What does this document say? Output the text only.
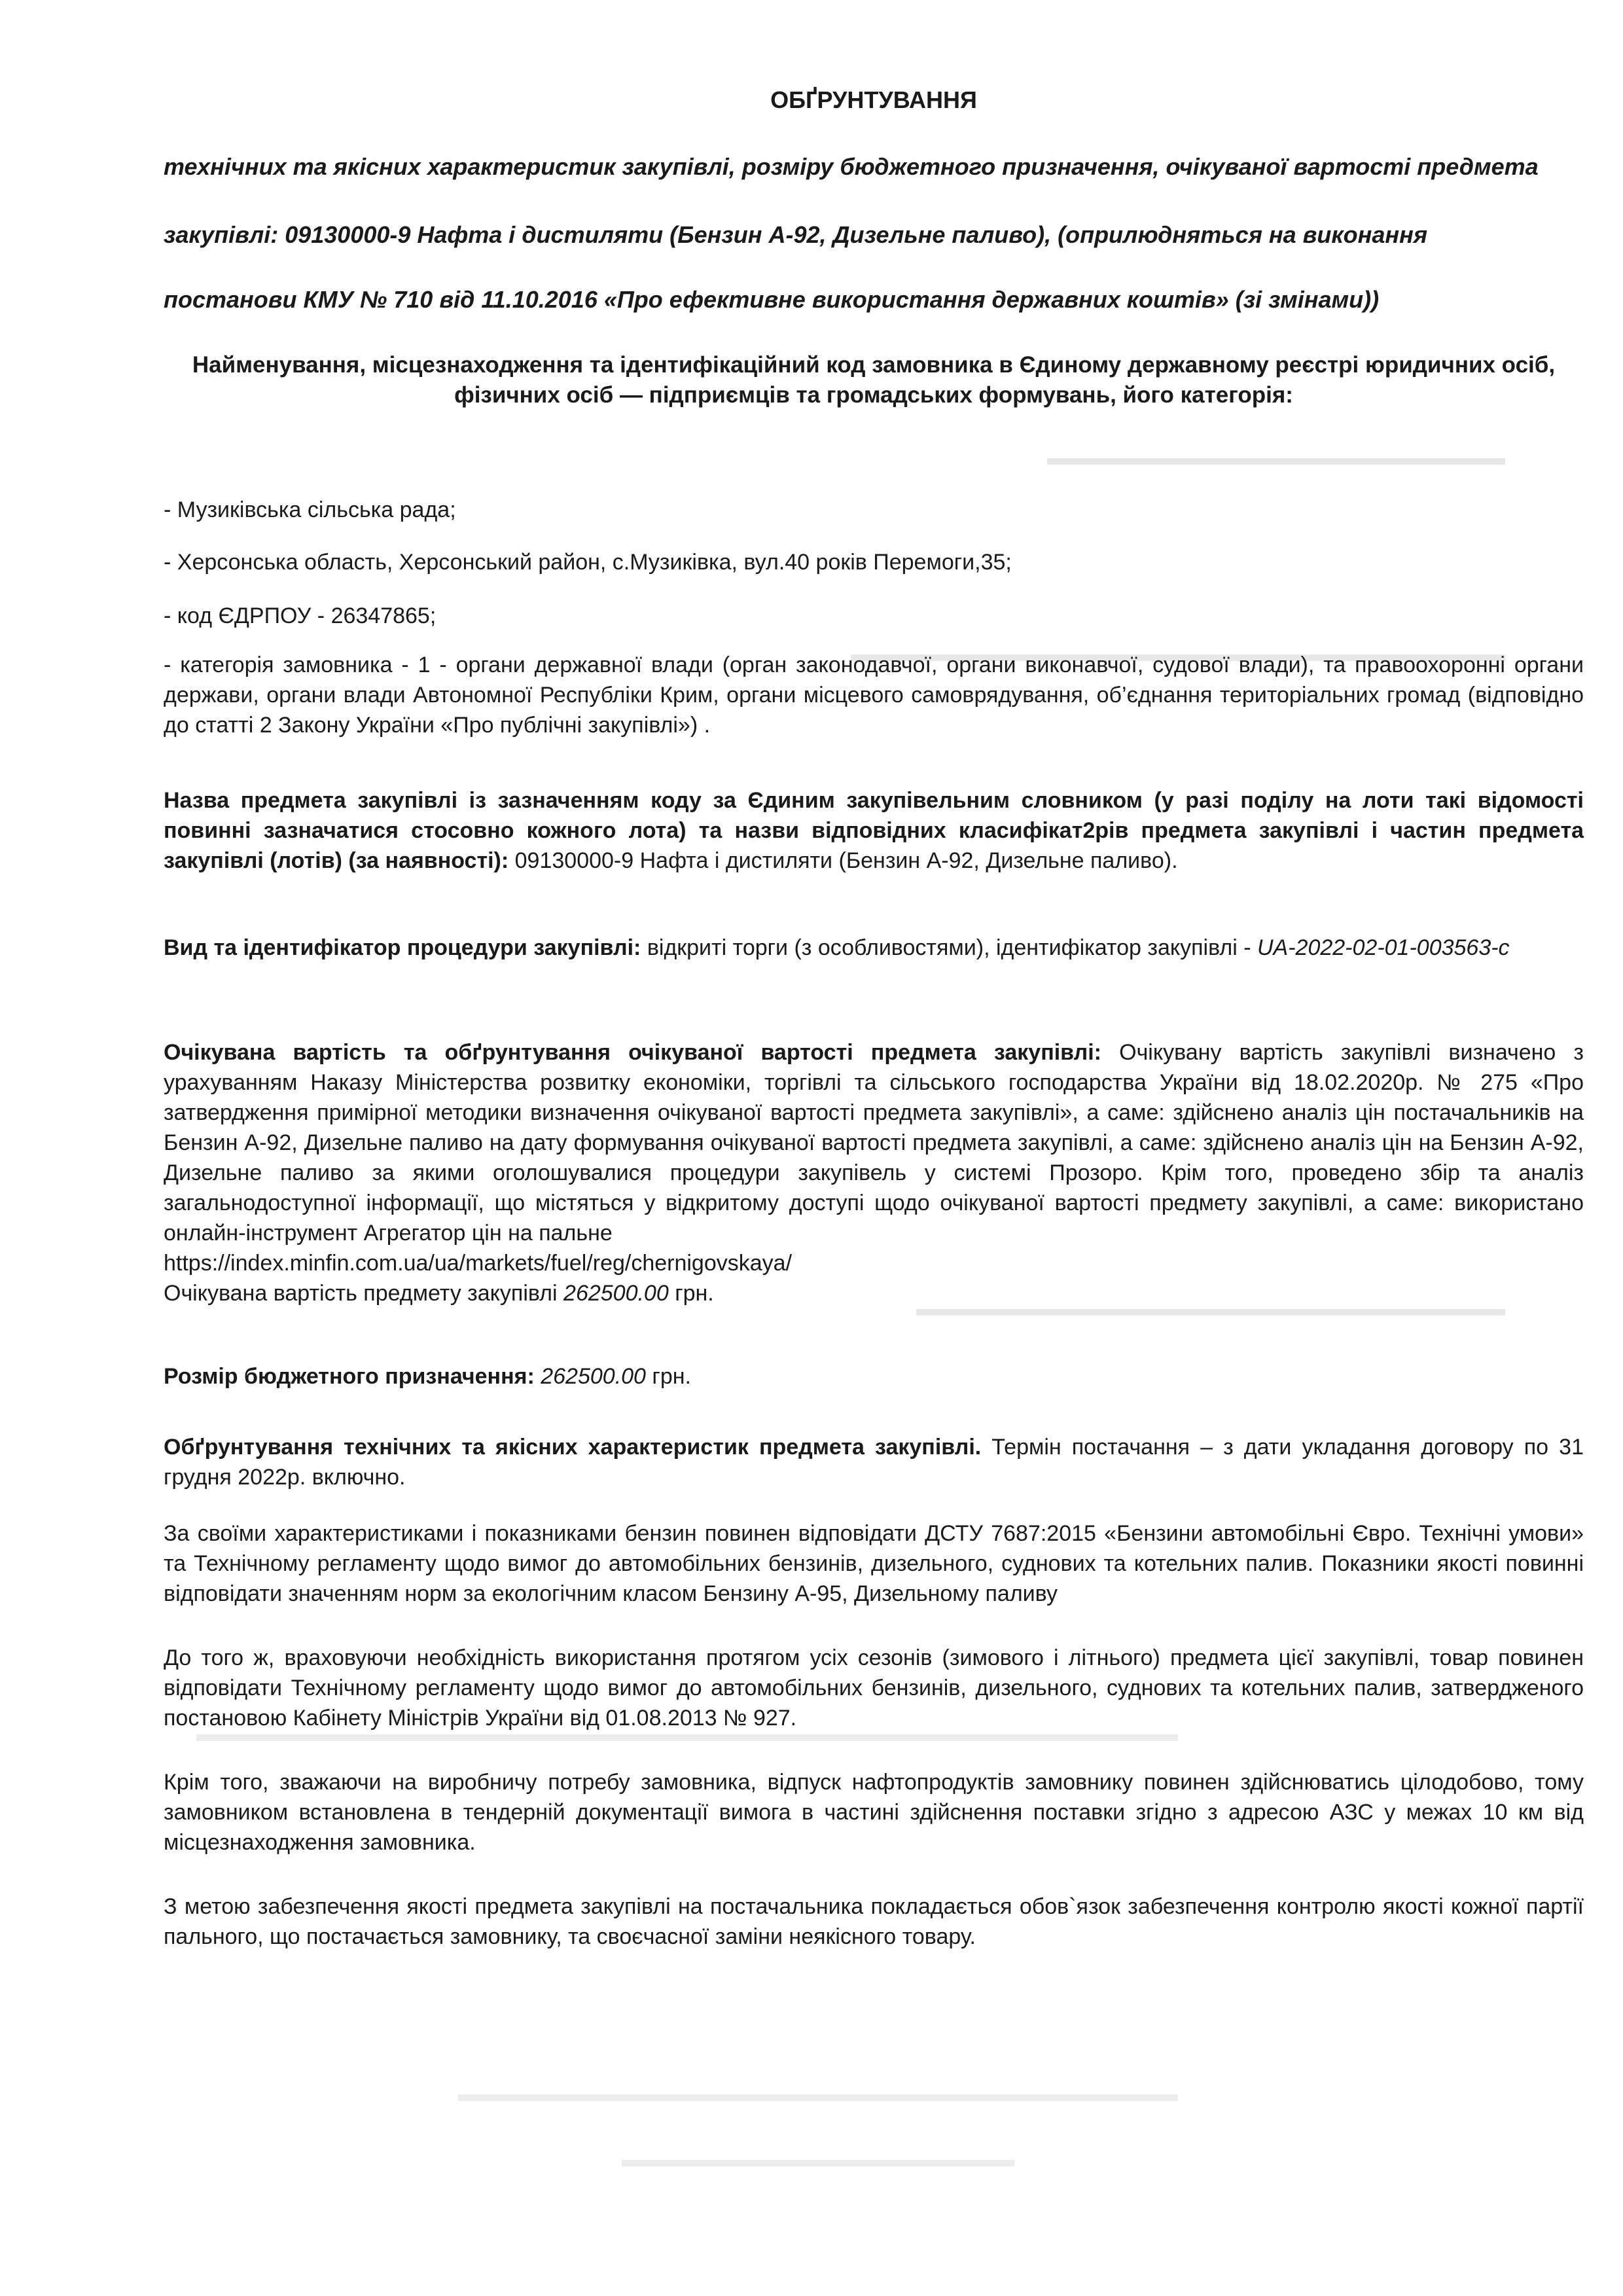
ОБҐРУНТУВАННЯ
технічних та якісних характеристик закупівлі, розміру бюджетного призначення, очікуваної вартості предмета
закупівлі: 09130000-9 Нафта і дистиляти (Бензин А-92, Дизельне паливо), (оприлюдняться на виконання
постанови КМУ № 710 від 11.10.2016 «Про ефективне використання державних коштів» (зі змінами))
Найменування, місцезнаходження та ідентифікаційний код замовника в Єдиному державному реєстрі юридичних осіб, фізичних осіб — підприємців та громадських формувань, його категорія:
- Музиківська сільська рада;
- Херсонська область, Херсонський район, с.Музиківка, вул.40 років Перемоги,35;
- код ЄДРПОУ - 26347865;
- категорія замовника - 1 - органи державної влади (орган законодавчої, органи виконавчої, судової влади), та правоохоронні органи держави, органи влади Автономної Республіки Крим, органи місцевого самоврядування, об’єднання територіальних громад (відповідно до статті 2 Закону України «Про публічні закупівлі») .
Назва предмета закупівлі із зазначенням коду за Єдиним закупівельним словником (у разі поділу на лоти такі відомості повинні зазначатися стосовно кожного лота) та назви відповідних класифікат2рів предмета закупівлі і частин предмета закупівлі (лотів) (за наявності): 09130000-9 Нафта і дистиляти (Бензин А-92, Дизельне паливо).
Вид та ідентифікатор процедури закупівлі: відкриті торги (з особливостями), ідентифікатор закупівлі - UA-2022-02-01-003563-c
Очікувана вартість та обґрунтування очікуваної вартості предмета закупівлі: Очікувану вартість закупівлі визначено з урахуванням Наказу Міністерства розвитку економіки, торгівлі та сільського господарства України від 18.02.2020р. № 275 «Про затвердження примірної методики визначення очікуваної вартості предмета закупівлі», а саме: здійснено аналіз цін постачальників на Бензин А-92, Дизельне паливо на дату формування очікуваної вартості предмета закупівлі, а саме: здійснено аналіз цін на Бензин А-92, Дизельне паливо за якими оголошувалися процедури закупівель у системі Прозоро. Крім того, проведено збір та аналіз загальнодоступної інформації, що містяться у відкритому доступі щодо очікуваної вартості предмету закупівлі, а саме: використано онлайн-інструмент Агрегатор цін на пальне
https://index.minfin.com.ua/ua/markets/fuel/reg/chernigovskaya/
Очікувана вартість предмету закупівлі 262500.00 грн.
Розмір бюджетного призначення: 262500.00 грн.
Обґрунтування технічних та якісних характеристик предмета закупівлі. Термін постачання – з дати укладання договору по 31 грудня 2022р. включно.
За своїми характеристиками і показниками бензин повинен відповідати ДСТУ 7687:2015 «Бензини автомобільні Євро. Технічні умови» та Технічному регламенту щодо вимог до автомобільних бензинів, дизельного, суднових та котельних палив. Показники якості повинні відповідати значенням норм за екологічним класом Бензину А-95, Дизельному паливу
До того ж, враховуючи необхідність використання протягом усіх сезонів (зимового і літнього) предмета цієї закупівлі, товар повинен відповідати Технічному регламенту щодо вимог до автомобільних бензинів, дизельного, суднових та котельних палив, затвердженого постановою Кабінету Міністрів України від 01.08.2013 № 927.
Крім того, зважаючи на виробничу потребу замовника, відпуск нафтопродуктів замовнику повинен здійснюватись цілодобово, тому замовником встановлена в тендерній документації вимога в частині здійснення поставки згідно з адресою АЗС у межах 10 км від місцезнаходження замовника.
З метою забезпечення якості предмета закупівлі на постачальника покладається обов`язок забезпечення контролю якості кожної партії пального, що постачається замовнику, та своєчасної заміни неякісного товару.
